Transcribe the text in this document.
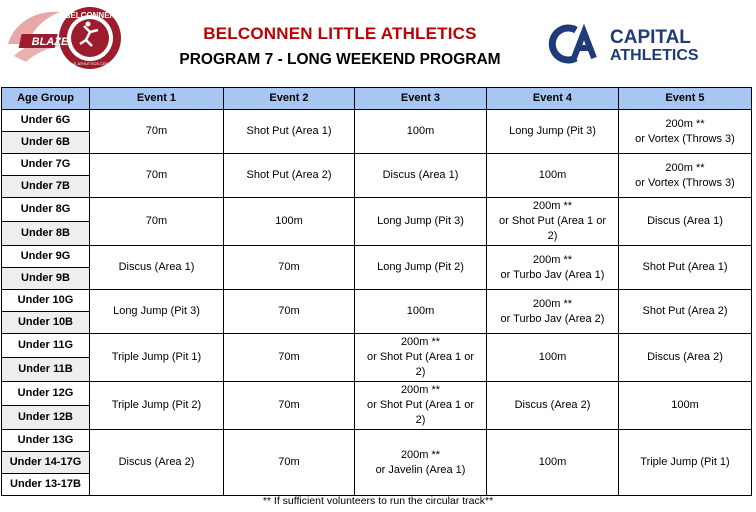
BELCONNEN
LITTLE ATHLETICS CENTRE
BLAZE	BELCONNEN LITTLE ATHLETICS
PROGRAM 7 - LONG WEEKEND PROGRAM
CAPITAL
ATHLETICS
Age Group	Event 1	Event 2	Event 3	Event 4	Event 5
Under 6G	70m	Shot Put (Area 1)	100m	Long Jump (Pit 3)	200m **
or Vortex (Throws 3)
Under 6B					
Under 7G	70m	Shot Put (Area 2)	Discus (Area 1)	100m	200m **
or Vortex (Throws 3)
Under 7B					
Under 8G	70m	100m	Long Jump (Pit 3)	200m **
or Shot Put (Area 1 or
2)	Discus (Area 1)
Under 8B					
Under 9G	Discus (Area 1)	70m	Long Jump (Pit 2)	200m **
or Turbo Jav (Area 1)	Shot Put (Area 1)
Under 9B					
Under 10G	Long Jump (Pit 3)	70m	100m	200m **
or Turbo Jav (Area 2)	Shot Put (Area 2)
Under 10B					
Under 11G	Triple Jump (Pit 1)	70m	200m **
or Shot Put (Area 1 or
2)	100m	Discus (Area 2)
Under 11B					
Under 12G	Triple Jump (Pit 2)	70m	200m **
or Shot Put (Area 1 or
2)	Discus (Area 2)	100m
Under 12B					
Under 13G	Discus (Area 2)	70m	200m **
or Javelin (Area 1)	100m	Triple Jump (Pit 1)
Under 14-17G					
Under 13-17B					
** If sufficient volunteers to run the circular track**
